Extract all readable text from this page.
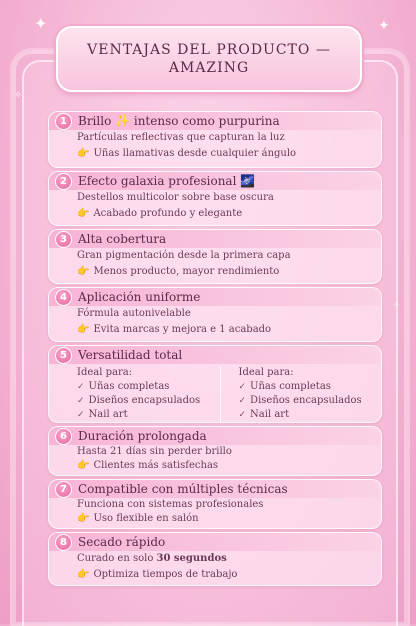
✦	✦
✧
✧
VENTAJAS DEL PRODUCTO —
AMAZING
1 Brillo ✨ intenso como purpurina
Partículas reflectivas que capturan la luz
👉 Uñas llamativas desde cualquier ángulo
2 Efecto galaxia profesional 🌌
Destellos multicolor sobre base oscura
👉 Acabado profundo y elegante
3 Alta cobertura
Gran pigmentación desde la primera capa
👉 Menos producto, mayor rendimiento
4 Aplicación uniforme
Fórmula autonivelable
👉 Evita marcas y mejora e 1 acabado
5 Versatilidad total
Ideal para:
✓ Uñas completas
✓ Diseños encapsulados
✓ Nail art
Ideal para:
✓ Uñas completas
✓ Diseños encapsulados
✓ Nail art
6 Duración prolongada
Hasta 21 días sin perder brillo
👉 Clientes más satisfechas
7 Compatible con múltiples técnicas
Funciona con sistemas profesionales
👉 Uso flexible en salón
8 Secado rápido
Curado en solo 30 segundos
👉 Optimiza tiempos de trabajo
